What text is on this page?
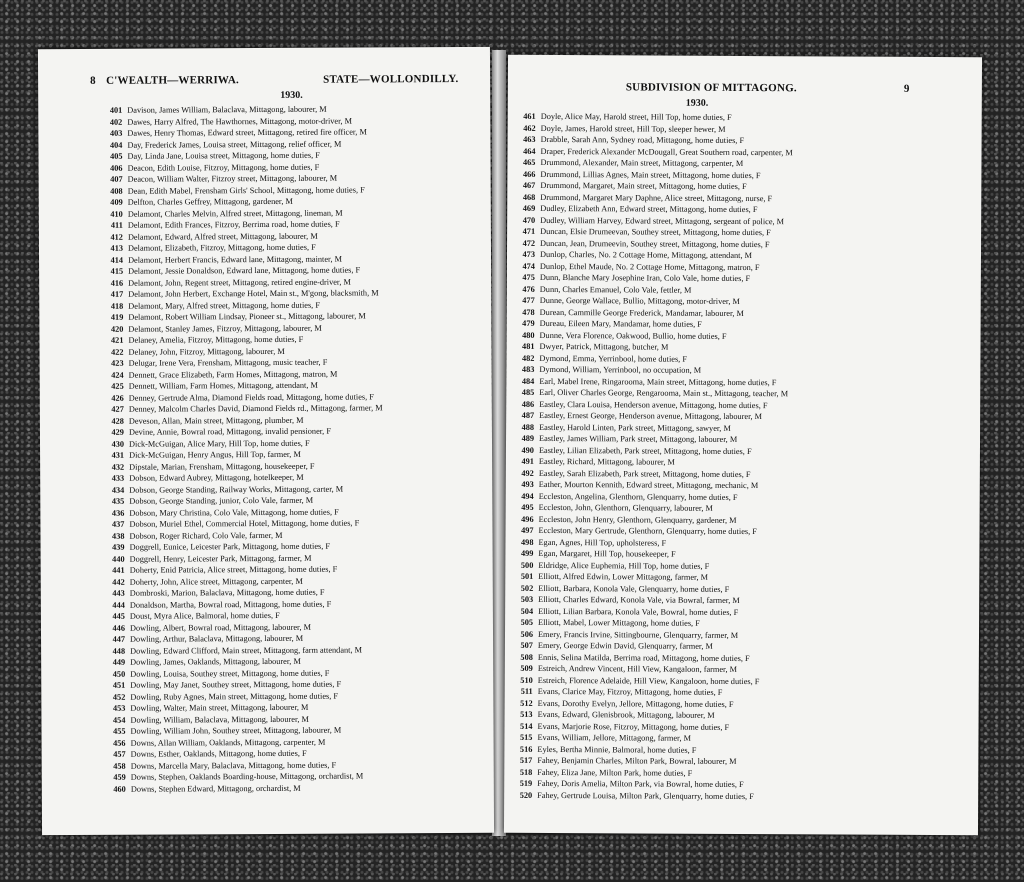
8 C'WEALTH—WERRIWA.	STATE—WOLLONDILLY.
1930.
401 Davison, James William, Balaclava, Mittagong, labourer, M
402 Dawes, Harry Alfred, The Hawthornes, Mittagong, motor-driver, M
403 Dawes, Henry Thomas, Edward street, Mittagong, retired fire officer, M
404 Day, Frederick James, Louisa street, Mittagong, relief officer, M
405 Day, Linda Jane, Louisa street, Mittagong, home duties, F
406 Deacon, Edith Louise, Fitzroy, Mittagong, home duties, F
407 Deacon, William Walter, Fitzroy street, Mittagong, labourer, M
408 Dean, Edith Mabel, Frensham Girls' School, Mittagong, home duties, F
409 Delfton, Charles Geffrey, Mittagong, gardener, M
410 Delamont, Charles Melvin, Alfred street, Mittagong, lineman, M
411 Delamont, Edith Frances, Fitzroy, Berrima road, home duties, F
412 Delamont, Edward, Alfred street, Mittagong, labourer, M
413 Delamont, Elizabeth, Fitzroy, Mittagong, home duties, F
414 Delamont, Herbert Francis, Edward lane, Mittagong, mainter, M
415 Delamont, Jessie Donaldson, Edward lane, Mittagong, home duties, F
416 Delamont, John, Regent street, Mittagong, retired engine-driver, M
417 Delamont, John Herbert, Exchange Hotel, Main st., M'gong, blacksmith, M
418 Delamont, Mary, Alfred street, Mittagong, home duties, F
419 Delamont, Robert William Lindsay, Pioneer st., Mittagong, labourer, M
420 Delamont, Stanley James, Fitzroy, Mittagong, labourer, M
421 Delaney, Amelia, Fitzroy, Mittagong, home duties, F
422 Delaney, John, Fitzroy, Mittagong, labourer, M
423 Delugar, Irene Vera, Frensham, Mittagong, music teacher, F
424 Dennett, Grace Elizabeth, Farm Homes, Mittagong, matron, M
425 Dennett, William, Farm Homes, Mittagong, attendant, M
426 Denney, Gertrude Alma, Diamond Fields road, Mittagong, home duties, F
427 Denney, Malcolm Charles David, Diamond Fields rd., Mittagong, farmer, M
428 Deveson, Allan, Main street, Mittagong, plumber, M
429 Devine, Annie, Bowral road, Mittagong, invalid pensioner, F
430 Dick-McGuigan, Alice Mary, Hill Top, home duties, F
431 Dick-McGuigan, Henry Angus, Hill Top, farmer, M
432 Dipstale, Marian, Frensham, Mittagong, housekeeper, F
433 Dobson, Edward Aubrey, Mittagong, hotelkeeper, M
434 Dobson, George Standing, Railway Works, Mittagong, carter, M
435 Dobson, George Standing, junior, Colo Vale, farmer, M
436 Dobson, Mary Christina, Colo Vale, Mittagong, home duties, F
437 Dobson, Muriel Ethel, Commercial Hotel, Mittagong, home duties, F
438 Dobson, Roger Richard, Colo Vale, farmer, M
439 Doggrell, Eunice, Leicester Park, Mittagong, home duties, F
440 Doggrell, Henry, Leicester Park, Mittagong, farmer, M
441 Doherty, Enid Patricia, Alice street, Mittagong, home duties, F
442 Doherty, John, Alice street, Mittagong, carpenter, M
443 Dombroski, Marion, Balaclava, Mittagong, home duties, F
444 Donaldson, Martha, Bowral road, Mittagong, home duties, F
445 Doust, Myra Alice, Balmoral, home duties, F
446 Dowling, Albert, Bowral road, Mittagong, labourer, M
447 Dowling, Arthur, Balaclava, Mittagong, labourer, M
448 Dowling, Edward Clifford, Main street, Mittagong, farm attendant, M
449 Dowling, James, Oaklands, Mittagong, labourer, M
450 Dowling, Louisa, Southey street, Mittagong, home duties, F
451 Dowling, May Janet, Southey street, Mittagong, home duties, F
452 Dowling, Ruby Agnes, Main street, Mittagong, home duties, F
453 Dowling, Walter, Main street, Mittagong, labourer, M
454 Dowling, William, Balaclava, Mittagong, labourer, M
455 Dowling, William John, Southey street, Mittagong, labourer, M
456 Downs, Allan William, Oaklands, Mittagong, carpenter, M
457 Downs, Esther, Oaklands, Mittagong, home duties, F
458 Downs, Marcella Mary, Balaclava, Mittagong, home duties, F
459 Downs, Stephen, Oaklands Boarding-house, Mittagong, orchardist, M
460 Downs, Stephen Edward, Mittagong, orchardist, M
SUBDIVISION OF MITTAGONG.	9
1930.
461 Doyle, Alice May, Harold street, Hill Top, home duties, F
462 Doyle, James, Harold street, Hill Top, sleeper hewer, M
463 Drabble, Sarah Ann, Sydney road, Mittagong, home duties, F
464 Draper, Frederick Alexander McDougall, Great Southern road, carpenter, M
465 Drummond, Alexander, Main street, Mittagong, carpenter, M
466 Drummond, Lillias Agnes, Main street, Mittagong, home duties, F
467 Drummond, Margaret, Main street, Mittagong, home duties, F
468 Drummond, Margaret Mary Daphne, Alice street, Mittagong, nurse, F
469 Dudley, Elizabeth Ann, Edward street, Mittagong, home duties, F
470 Dudley, William Harvey, Edward street, Mittagong, sergeant of police, M
471 Duncan, Elsie Drumeevan, Southey street, Mittagong, home duties, F
472 Duncan, Jean, Drumeevin, Southey street, Mittagong, home duties, F
473 Dunlop, Charles, No. 2 Cottage Home, Mittagong, attendant, M
474 Dunlop, Ethel Maude, No. 2 Cottage Home, Mittagong, matron, F
475 Dunn, Blanche Mary Josephine Iran, Colo Vale, home duties, F
476 Dunn, Charles Emanuel, Colo Vale, fettler, M
477 Dunne, George Wallace, Bullio, Mittagong, motor-driver, M
478 Durean, Cammille George Frederick, Mandamar, labourer, M
479 Dureau, Eileen Mary, Mandamar, home duties, F
480 Dunne, Vera Florence, Oakwood, Bullio, home duties, F
481 Dwyer, Patrick, Mittagong, butcher, M
482 Dymond, Emma, Yerrinbool, home duties, F
483 Dymond, William, Yerrinbool, no occupation, M
484 Earl, Mabel Irene, Ringarooma, Main street, Mittagong, home duties, F
485 Earl, Oliver Charles George, Rengarooma, Main st., Mittagong, teacher, M
486 Eastley, Clara Louisa, Henderson avenue, Mittagong, home duties, F
487 Eastley, Ernest George, Henderson avenue, Mittagong, labourer, M
488 Eastley, Harold Linten, Park street, Mittagong, sawyer, M
489 Eastley, James William, Park street, Mittagong, labourer, M
490 Eastley, Lilian Elizabeth, Park street, Mittagong, home duties, F
491 Eastley, Richard, Mittagong, labourer, M
492 Eastley, Sarah Elizabeth, Park street, Mittagong, home duties, F
493 Eather, Mourton Kennith, Edward street, Mittagong, mechanic, M
494 Eccleston, Angelina, Glenthorn, Glenquarry, home duties, F
495 Eccleston, John, Glenthorn, Glenquarry, labourer, M
496 Eccleston, John Henry, Glenthorn, Glenquarry, gardener, M
497 Eccleston, Mary Gertrude, Glenthorn, Glenquarry, home duties, F
498 Egan, Agnes, Hill Top, upholsteress, F
499 Egan, Margaret, Hill Top, housekeeper, F
500 Eldridge, Alice Euphemia, Hill Top, home duties, F
501 Elliott, Alfred Edwin, Lower Mittagong, farmer, M
502 Elliott, Barbara, Konola Vale, Glenquarry, home duties, F
503 Elliott, Charles Edward, Konola Vale, via Bowral, farmer, M
504 Elliott, Lilian Barbara, Konola Vale, Bowral, home duties, F
505 Elliott, Mabel, Lower Mittagong, home duties, F
506 Emery, Francis Irvine, Sittingbourne, Glenquarry, farmer, M
507 Emery, George Edwin David, Glenquarry, farmer, M
508 Ennis, Selina Matilda, Berrima road, Mittagong, home duties, F
509 Estreich, Andrew Vincent, Hill View, Kangaloon, farmer, M
510 Estreich, Florence Adelaide, Hill View, Kangaloon, home duties, F
511 Evans, Clarice May, Fitzroy, Mittagong, home duties, F
512 Evans, Dorothy Evelyn, Jellore, Mittagong, home duties, F
513 Evans, Edward, Glenisbrook, Mittagong, labourer, M
514 Evans, Marjorie Rose, Fitzroy, Mittagong, home duties, F
515 Evans, William, Jellore, Mittagong, farmer, M
516 Eyles, Bertha Minnie, Balmoral, home duties, F
517 Fahey, Benjamin Charles, Milton Park, Bowral, labourer, M
518 Fahey, Eliza Jane, Milton Park, home duties, F
519 Fahey, Doris Amelia, Milton Park, via Bowral, home duties, F
520 Fahey, Gertrude Louisa, Milton Park, Glenquarry, home duties, F
